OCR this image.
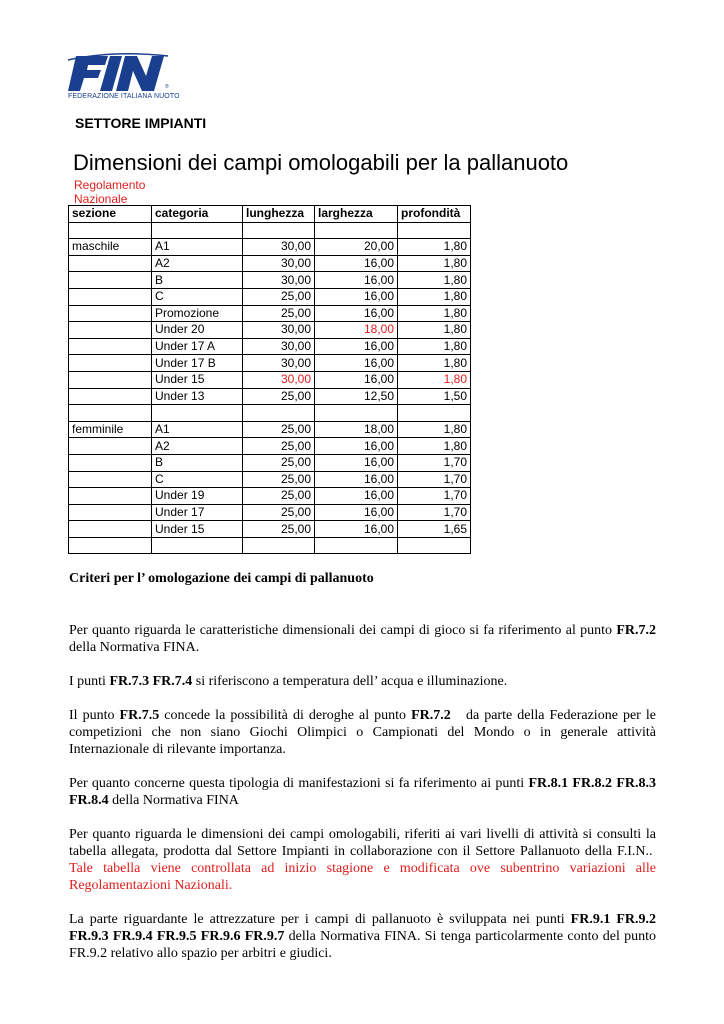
®
FEDERAZIONE ITALIANA NUOTO
SETTORE IMPIANTI
Dimensioni dei campi omologabili per la pallanuoto
Regolamento Nazionale
sezione	categoria	lunghezza	larghezza	profondità

maschile	A1	30,00	20,00	1,80
	A2	30,00	16,00	1,80
	B	30,00	16,00	1,80
	C	25,00	16,00	1,80
	Promozione	25,00	16,00	1,80
	Under 20	30,00	18,00	1,80
	Under 17 A	30,00	16,00	1,80
	Under 17 B	30,00	16,00	1,80
	Under 15	30,00	16,00	1,80
	Under 13	25,00	12,50	1,50

femminile	A1	25,00	18,00	1,80
	A2	25,00	16,00	1,80
	B	25,00	16,00	1,70
	C	25,00	16,00	1,70
	Under 19	25,00	16,00	1,70
	Under 17	25,00	16,00	1,70
	Under 15	25,00	16,00	1,65

Criteri per l’ omologazione dei campi di pallanuoto

Per quanto riguarda le caratteristiche dimensionali dei campi di gioco si fa riferimento al punto FR.7.2 della Normativa FINA.

I punti FR.7.3 FR.7.4 si riferiscono a temperatura dell’ acqua e illuminazione.

Il punto FR.7.5 concede la possibilità di deroghe al punto FR.7.2   da parte della Federazione per le competizioni che non siano Giochi Olimpici o Campionati del Mondo o in generale attività Internazionale di rilevante importanza.

Per quanto concerne questa tipologia di manifestazioni si fa riferimento ai punti FR.8.1 FR.8.2 FR.8.3 FR.8.4 della Normativa FINA

Per quanto riguarda le dimensioni dei campi omologabili, riferiti ai vari livelli di attività si consulti la tabella allegata, prodotta dal Settore Impianti in collaborazione con il Settore Pallanuoto della F.I.N..  Tale tabella viene controllata ad inizio stagione e modificata ove subentrino variazioni alle Regolamentazioni Nazionali.

La parte riguardante le attrezzature per i campi di pallanuoto è sviluppata nei punti FR.9.1 FR.9.2 FR.9.3 FR.9.4 FR.9.5 FR.9.6 FR.9.7 della Normativa FINA. Si tenga particolarmente conto del punto FR.9.2 relativo allo spazio per arbitri e giudici.
